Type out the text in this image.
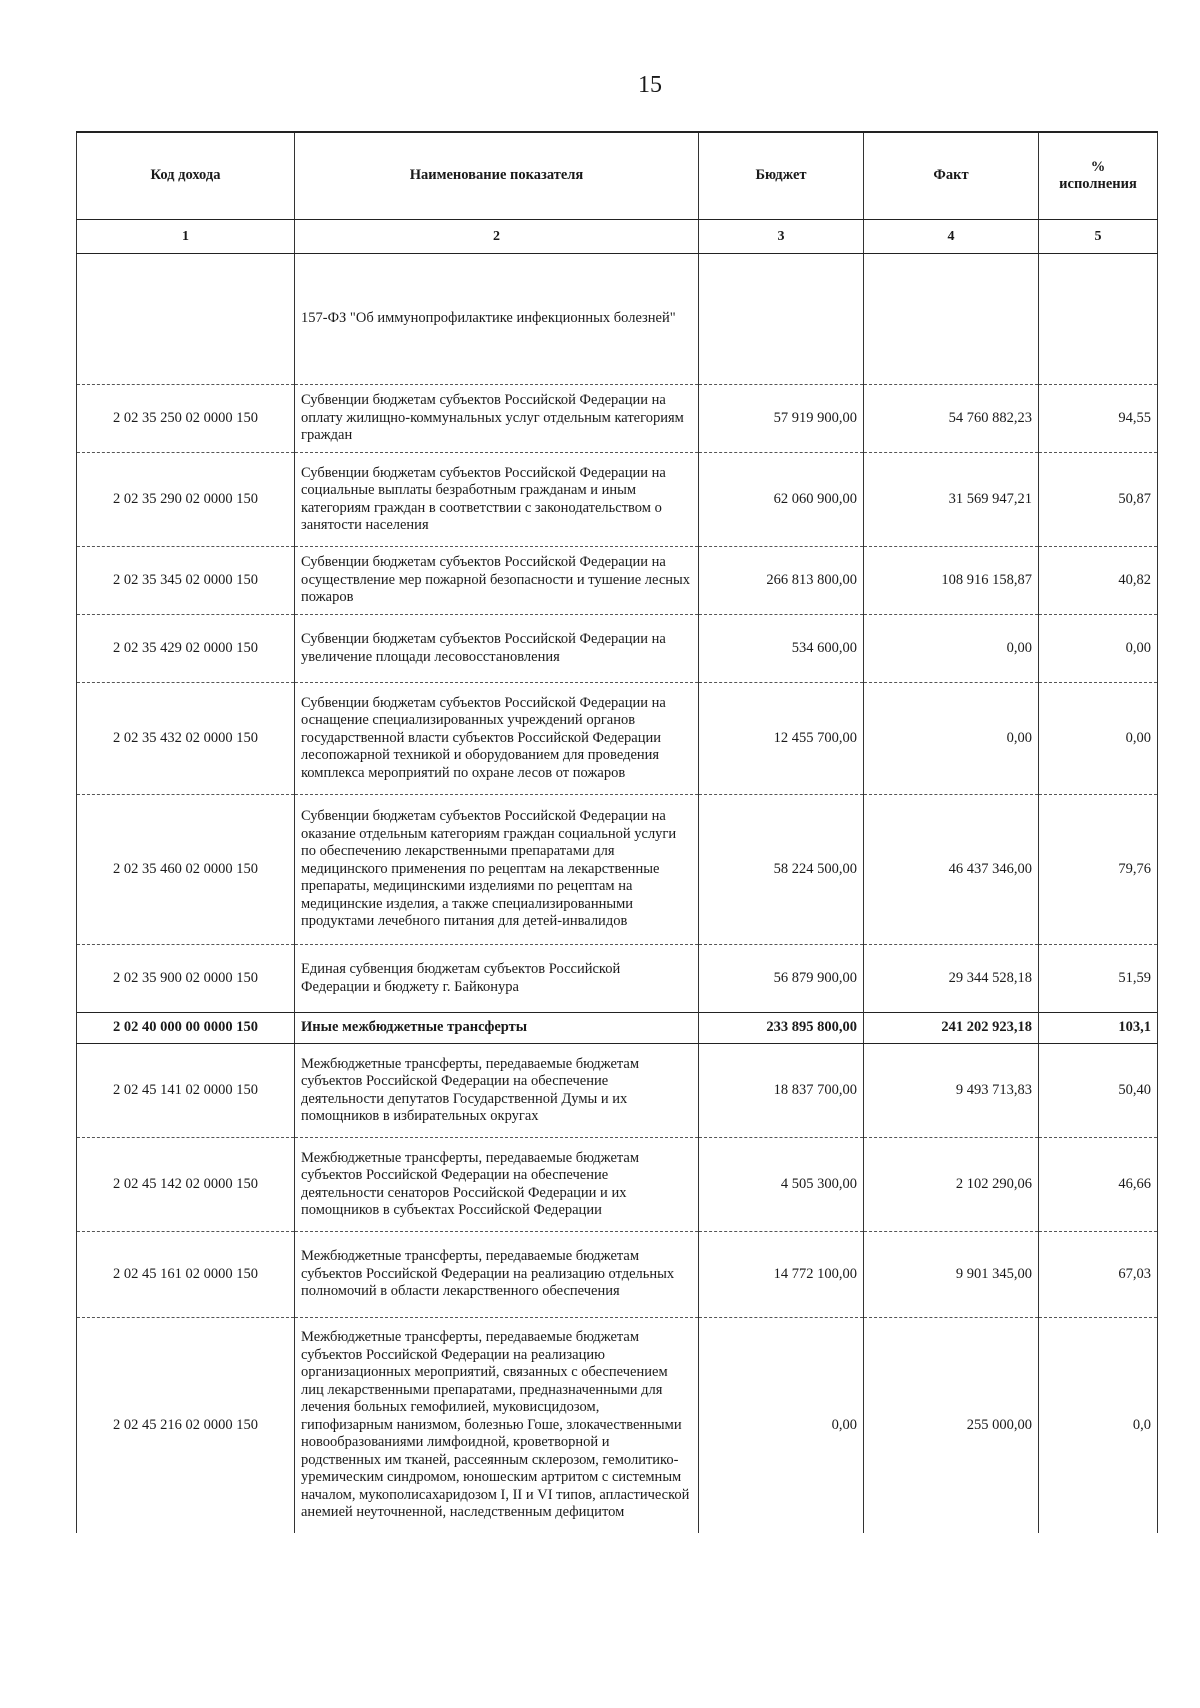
15
Код дохода	Наименование показателя	Бюджет	Факт	%
исполнения
1	2	3	4	5
	157-ФЗ "Об иммунопрофилактике инфекционных болезней"			
2 02 35 250 02 0000 150	Субвенции бюджетам субъектов Российской Федерации на оплату жилищно-коммунальных услуг отдельным категориям граждан	57 919 900,00	54 760 882,23	94,55
2 02 35 290 02 0000 150	Субвенции бюджетам субъектов Российской Федерации на социальные выплаты безработным гражданам и иным категориям граждан в соответствии с законодательством о занятости населения	62 060 900,00	31 569 947,21	50,87
2 02 35 345 02 0000 150	Субвенции бюджетам субъектов Российской Федерации на осуществление мер пожарной безопасности и тушение лесных пожаров	266 813 800,00	108 916 158,87	40,82
2 02 35 429 02 0000 150	Субвенции бюджетам субъектов Российской Федерации на увеличение площади лесовосстановления	534 600,00	0,00	0,00
2 02 35 432 02 0000 150	Субвенции бюджетам субъектов Российской Федерации на оснащение специализированных учреждений органов государственной власти субъектов Российской Федерации лесопожарной техникой и оборудованием для проведения комплекса мероприятий по охране лесов от пожаров	12 455 700,00	0,00	0,00
2 02 35 460 02 0000 150	Субвенции бюджетам субъектов Российской Федерации на оказание отдельным категориям граждан социальной услуги по обеспечению лекарственными препаратами для медицинского применения по рецептам на лекарственные препараты, медицинскими изделиями по рецептам на медицинские изделия, а также специализированными продуктами лечебного питания для детей-инвалидов	58 224 500,00	46 437 346,00	79,76
2 02 35 900 02 0000 150	Единая субвенция бюджетам субъектов Российской Федерации и бюджету г. Байконура	56 879 900,00	29 344 528,18	51,59
2 02 40 000 00 0000 150	Иные межбюджетные трансферты	233 895 800,00	241 202 923,18	103,1
2 02 45 141 02 0000 150	Межбюджетные трансферты, передаваемые бюджетам субъектов Российской Федерации на обеспечение деятельности депутатов Государственной Думы и их помощников в избирательных округах	18 837 700,00	9 493 713,83	50,40
2 02 45 142 02 0000 150	Межбюджетные трансферты, передаваемые бюджетам субъектов Российской Федерации на обеспечение деятельности сенаторов Российской Федерации и их помощников в субъектах Российской Федерации	4 505 300,00	2 102 290,06	46,66
2 02 45 161 02 0000 150	Межбюджетные трансферты, передаваемые бюджетам субъектов Российской Федерации на реализацию отдельных полномочий в области лекарственного обеспечения	14 772 100,00	9 901 345,00	67,03
2 02 45 216 02 0000 150	Межбюджетные трансферты, передаваемые бюджетам субъектов Российской Федерации на реализацию организационных мероприятий, связанных с обеспечением лиц лекарственными препаратами, предназначенными для лечения больных гемофилией, муковисцидозом, гипофизарным нанизмом, болезнью Гоше, злокачественными новообразованиями лимфоидной, кроветворной и родственных им тканей, рассеянным склерозом, гемолитико-уремическим синдромом, юношеским артритом с системным началом, мукополисахаридозом I, II и VI типов, апластической анемией неуточненной, наследственным дефицитом	0,00	255 000,00	0,0
